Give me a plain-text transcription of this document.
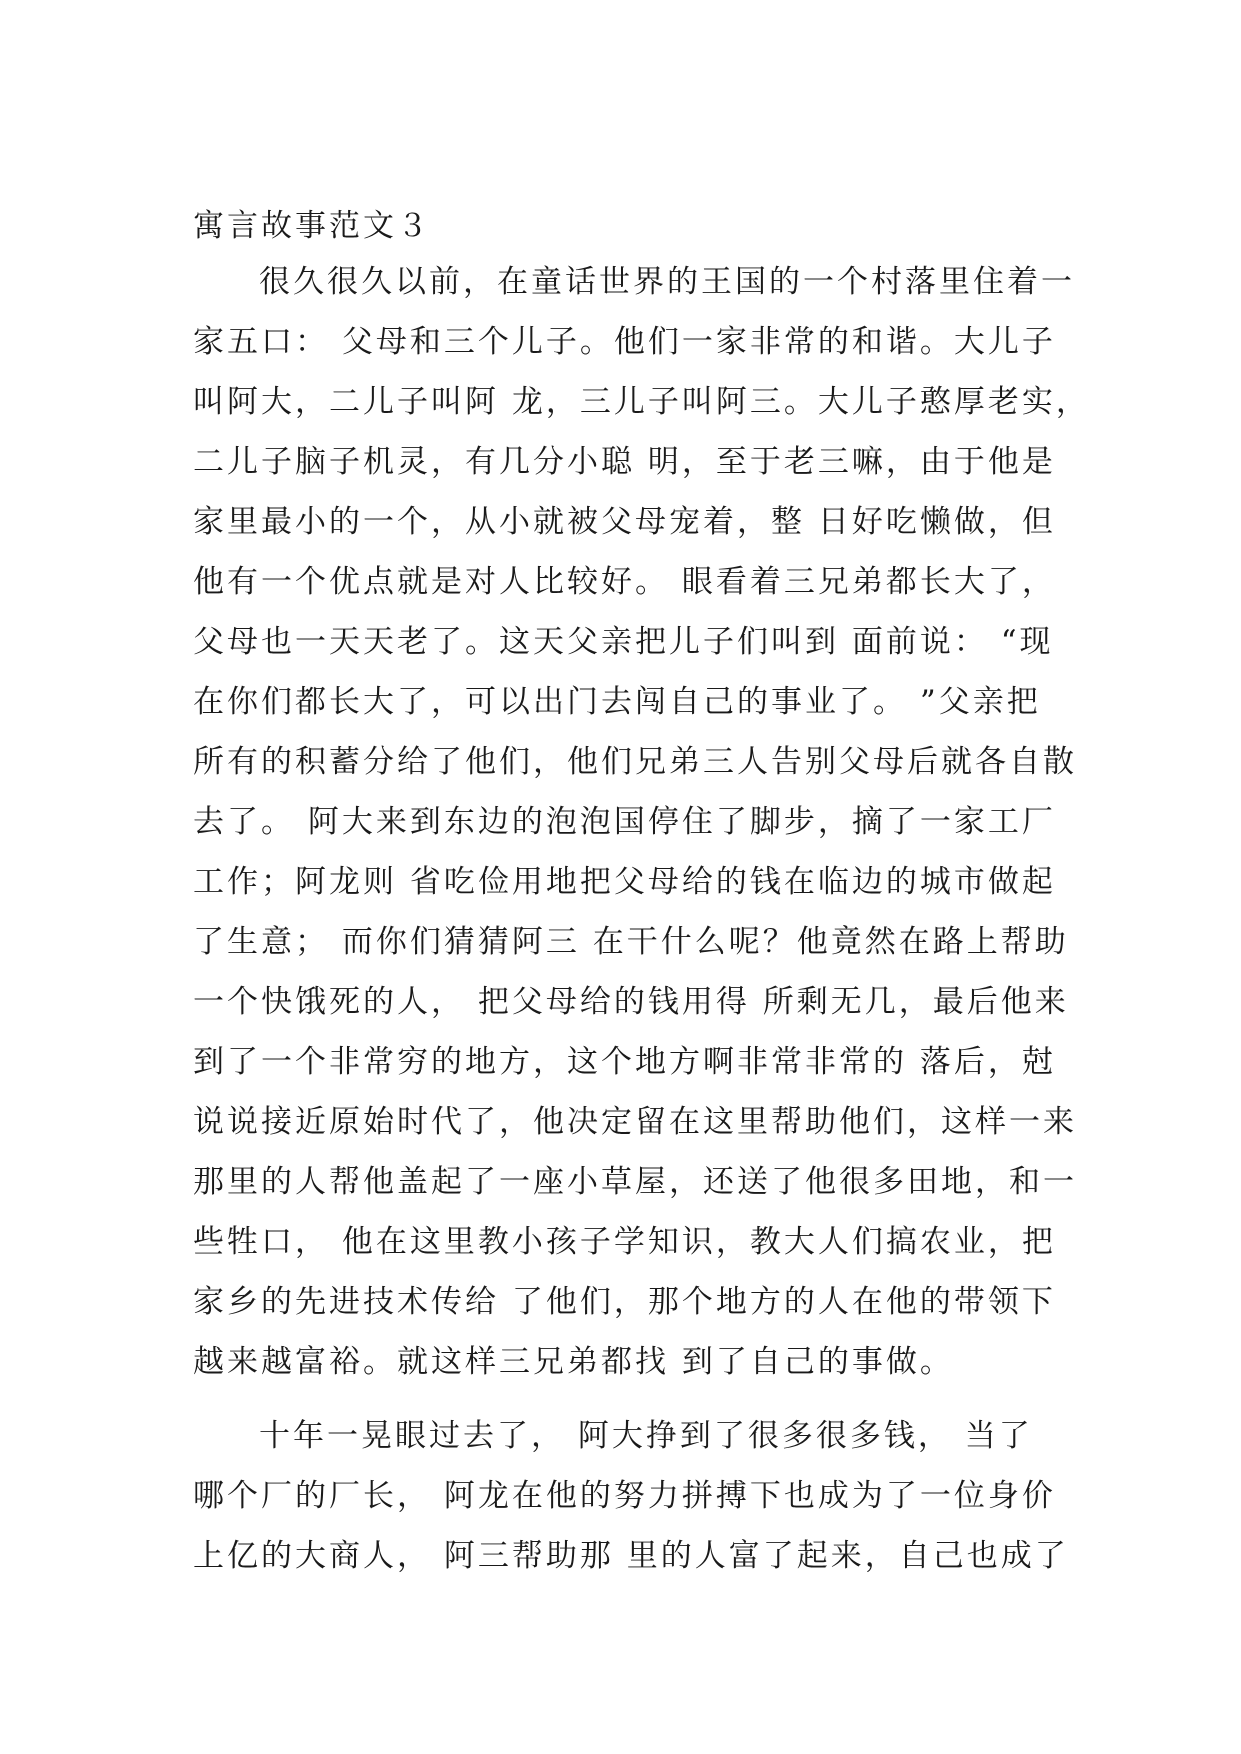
寓言故事范文３
很久很久以前，在童话世界的王国的一个村落里住着一
家五口： 父母和三个儿子。他们一家非常的和谐。大儿子
叫阿大，二儿子叫阿 龙，三儿子叫阿三。大儿子憨厚老实，
二儿子脑子机灵，有几分小聪 明，至于老三嘛，由于他是
家里最小的一个，从小就被父母宠着，整 日好吃懒做，但
他有一个优点就是对人比较好。 眼看着三兄弟都长大了，
父母也一天天老了。这天父亲把儿子们叫到 面前说： “现
在你们都长大了，可以出门去闯自己的事业了。 ”父亲把
所有的积蓄分给了他们，他们兄弟三人告别父母后就各自散
去了。 阿大来到东边的泡泡国停住了脚步，摘了一家工厂
工作；阿龙则 省吃俭用地把父母给的钱在临边的城市做起
了生意； 而你们猜猜阿三 在干什么呢？他竟然在路上帮助
一个快饿死的人， 把父母给的钱用得 所剩无几，最后他来
到了一个非常穷的地方，这个地方啊非常非常的 落后，尅
说说接近原始时代了，他决定留在这里帮助他们，这样一来
那里的人帮他盖起了一座小草屋，还送了他很多田地，和一
些牲口， 他在这里教小孩子学知识，教大人们搞农业，把
家乡的先进技术传给 了他们，那个地方的人在他的带领下
越来越富裕。就这样三兄弟都找 到了自己的事做。
十年一晃眼过去了， 阿大挣到了很多很多钱， 当了
哪个厂的厂长， 阿龙在他的努力拼搏下也成为了一位身价
上亿的大商人， 阿三帮助那 里的人富了起来，自己也成了
